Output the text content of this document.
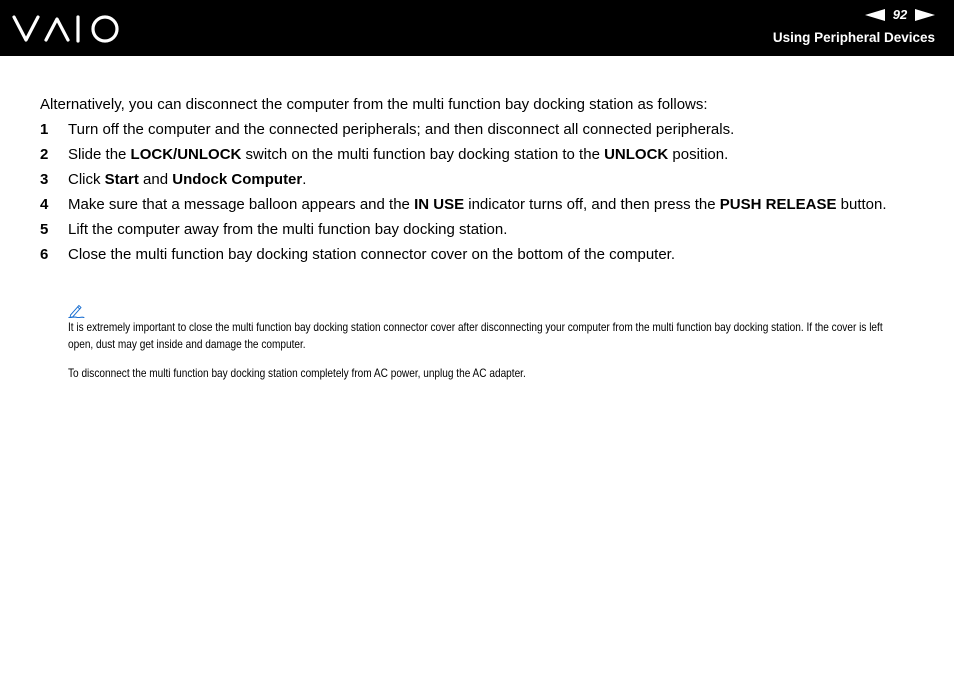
92
Using Peripheral Devices

Alternatively, you can disconnect the computer from the multi function bay docking station as follows:

1	Turn off the computer and the connected peripherals; and then disconnect all connected peripherals.
2	Slide the LOCK/UNLOCK switch on the multi function bay docking station to the UNLOCK position.
3	Click Start and Undock Computer.
4	Make sure that a message balloon appears and the IN USE indicator turns off, and then press the PUSH RELEASE button.
5	Lift the computer away from the multi function bay docking station.
6	Close the multi function bay docking station connector cover on the bottom of the computer.

It is extremely important to close the multi function bay docking station connector cover after disconnecting your computer from the multi function bay docking station. If the cover is left open, dust may get inside and damage the computer.

To disconnect the multi function bay docking station completely from AC power, unplug the AC adapter.
